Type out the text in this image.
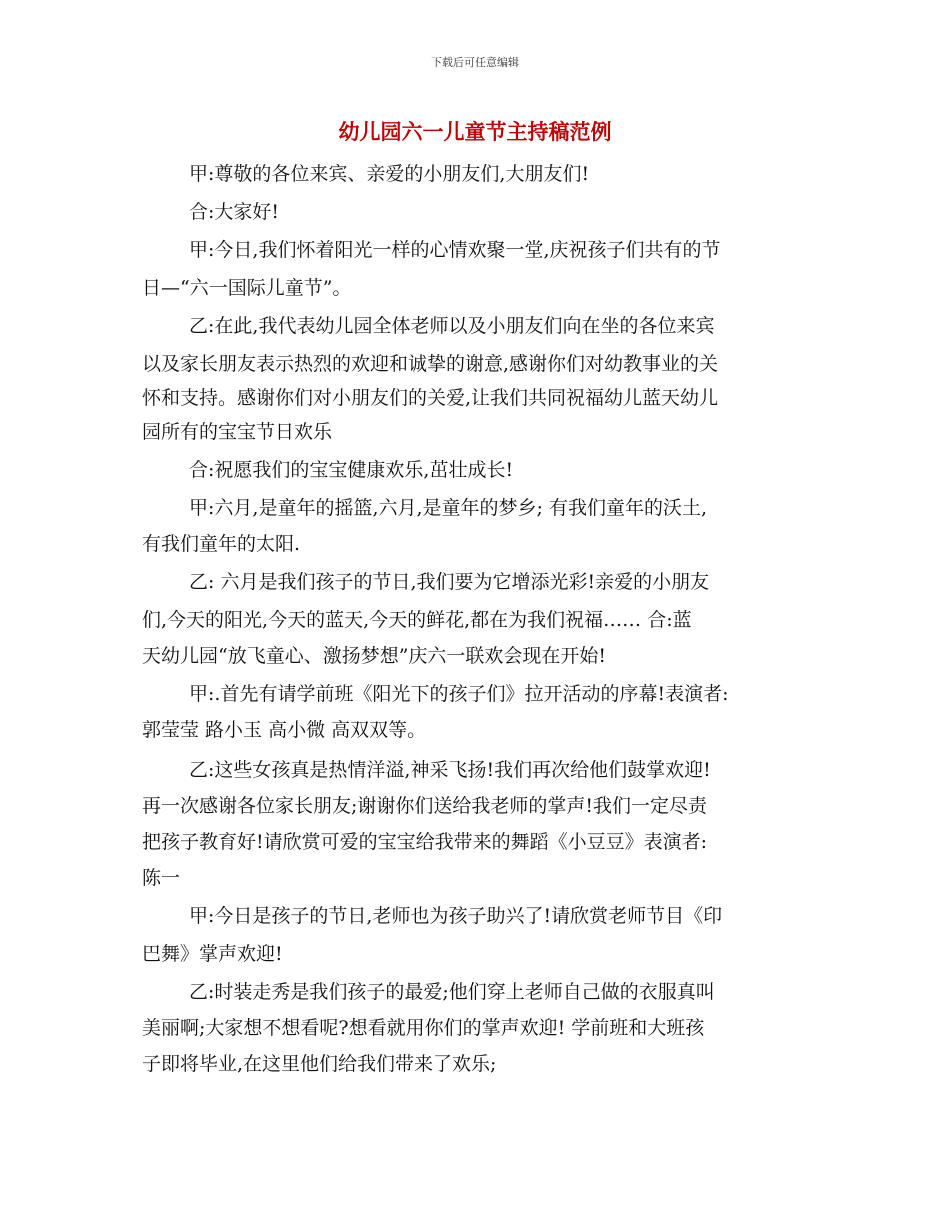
下载后可任意编辑
幼儿园六一儿童节主持稿范例
甲:尊敬的各位来宾、亲爱的小朋友们,大朋友们!
合:大家好!
甲:今日,我们怀着阳光一样的心情欢聚一堂,庆祝孩子们共有的节
日—“六一国际儿童节”。
乙:在此,我代表幼儿园全体老师以及小朋友们向在坐的各位来宾
以及家长朋友表示热烈的欢迎和诚挚的谢意,感谢你们对幼教事业的关
怀和支持。感谢你们对小朋友们的关爱,让我们共同祝福幼儿蓝天幼儿
园所有的宝宝节日欢乐
合:祝愿我们的宝宝健康欢乐,茁壮成长!
甲:六月,是童年的摇篮,六月,是童年的梦乡; 有我们童年的沃土,
有我们童年的太阳.
乙: 六月是我们孩子的节日,我们要为它增添光彩!亲爱的小朋友
们,今天的阳光,今天的蓝天,今天的鲜花,都在为我们祝福…… 合:蓝
天幼儿园“放飞童心、激扬梦想”庆六一联欢会现在开始!
甲:.首先有请学前班《阳光下的孩子们》拉开活动的序幕!表演者:
郭莹莹 路小玉 高小微 高双双等。
乙:这些女孩真是热情洋溢,神采飞扬!我们再次给他们鼓掌欢迎!
再一次感谢各位家长朋友;谢谢你们送给我老师的掌声!我们一定尽责
把孩子教育好!请欣赏可爱的宝宝给我带来的舞蹈《小豆豆》表演者:
陈一
甲:今日是孩子的节日,老师也为孩子助兴了!请欣赏老师节目《印
巴舞》掌声欢迎!
乙:时装走秀是我们孩子的最爱;他们穿上老师自己做的衣服真叫
美丽啊;大家想不想看呢?想看就用你们的掌声欢迎! 学前班和大班孩
子即将毕业,在这里他们给我们带来了欢乐;
